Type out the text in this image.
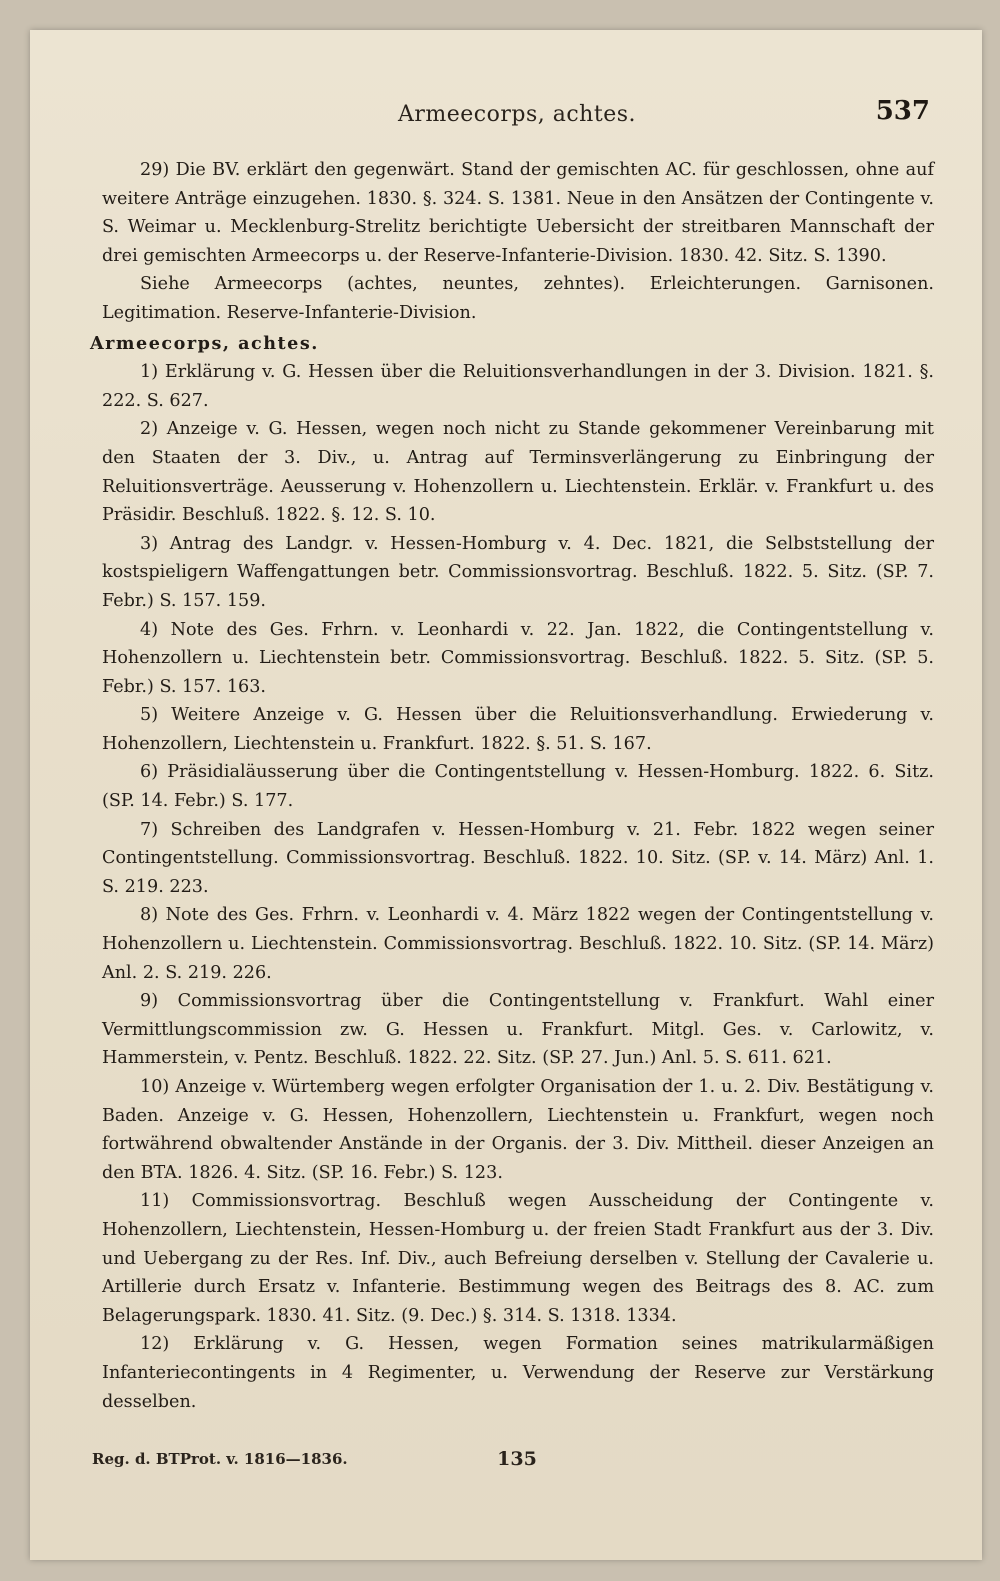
Armeecorps, achtes.	537

29) Die BV. erklärt den gegenwärt. Stand der gemischten AC. für geschlossen, ohne auf weitere Anträge einzugehen. 1830. §. 324. S. 1381. Neue in den Ansätzen der Contingente v. S. Weimar u. Mecklenburg-Strelitz berichtigte Uebersicht der streitbaren Mannschaft der drei gemischten Armeecorps u. der Reserve-Infanterie-Division. 1830. 42. Sitz. S. 1390.

Siehe Armeecorps (achtes, neuntes, zehntes). Erleichterungen. Garnisonen. Legitimation. Reserve-Infanterie-Division.

Armeecorps, achtes.

1) Erklärung v. G. Hessen über die Reluitionsverhandlungen in der 3. Division. 1821. §. 222. S. 627.

2) Anzeige v. G. Hessen, wegen noch nicht zu Stande gekommener Vereinbarung mit den Staaten der 3. Div., u. Antrag auf Terminsverlängerung zu Einbringung der Reluitionsverträge. Aeusserung v. Hohenzollern u. Liechtenstein. Erklär. v. Frankfurt u. des Präsidir. Beschluß. 1822. §. 12. S. 10.

3) Antrag des Landgr. v. Hessen-Homburg v. 4. Dec. 1821, die Selbststellung der kostspieligern Waffengattungen betr. Commissionsvortrag. Beschluß. 1822. 5. Sitz. (SP. 7. Febr.) S. 157. 159.

4) Note des Ges. Frhrn. v. Leonhardi v. 22. Jan. 1822, die Contingentstellung v. Hohenzollern u. Liechtenstein betr. Commissionsvortrag. Beschluß. 1822. 5. Sitz. (SP. 5. Febr.) S. 157. 163.

5) Weitere Anzeige v. G. Hessen über die Reluitionsverhandlung. Erwiederung v. Hohenzollern, Liechtenstein u. Frankfurt. 1822. §. 51. S. 167.

6) Präsidialäusserung über die Contingentstellung v. Hessen-Homburg. 1822. 6. Sitz. (SP. 14. Febr.) S. 177.

7) Schreiben des Landgrafen v. Hessen-Homburg v. 21. Febr. 1822 wegen seiner Contingentstellung. Commissionsvortrag. Beschluß. 1822. 10. Sitz. (SP. v. 14. März) Anl. 1. S. 219. 223.

8) Note des Ges. Frhrn. v. Leonhardi v. 4. März 1822 wegen der Contingentstellung v. Hohenzollern u. Liechtenstein. Commissionsvortrag. Beschluß. 1822. 10. Sitz. (SP. 14. März) Anl. 2. S. 219. 226.

9) Commissionsvortrag über die Contingentstellung v. Frankfurt. Wahl einer Vermittlungscommission zw. G. Hessen u. Frankfurt. Mitgl. Ges. v. Carlowitz, v. Hammerstein, v. Pentz. Beschluß. 1822. 22. Sitz. (SP. 27. Jun.) Anl. 5. S. 611. 621.

10) Anzeige v. Würtemberg wegen erfolgter Organisation der 1. u. 2. Div. Bestätigung v. Baden. Anzeige v. G. Hessen, Hohenzollern, Liechtenstein u. Frankfurt, wegen noch fortwährend obwaltender Anstände in der Organis. der 3. Div. Mittheil. dieser Anzeigen an den BTA. 1826. 4. Sitz. (SP. 16. Febr.) S. 123.

11) Commissionsvortrag. Beschluß wegen Ausscheidung der Contingente v. Hohenzollern, Liechtenstein, Hessen-Homburg u. der freien Stadt Frankfurt aus der 3. Div. und Uebergang zu der Res. Inf. Div., auch Befreiung derselben v. Stellung der Cavalerie u. Artillerie durch Ersatz v. Infanterie. Bestimmung wegen des Beitrags des 8. AC. zum Belagerungspark. 1830. 41. Sitz. (9. Dec.) §. 314. S. 1318. 1334.

12) Erklärung v. G. Hessen, wegen Formation seines matrikularmäßigen Infanteriecontingents in 4 Regimenter, u. Verwendung der Reserve zur Verstärkung desselben.

Reg. d. BTProt. v. 1816—1836.	135
